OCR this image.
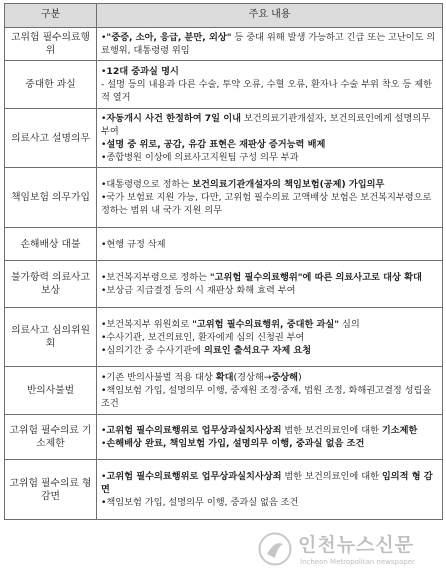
구분	주요 내용
고위험 필수의료행위	•"중증, 소아, 응급, 분만, 외상" 등 중대 위해 발생 가능하고 긴급 또는 고난이도 의료행위, 대통령령 위임

중대한 과실	•12대 중과실 명시
- 설명 등의 내용과 다른 수술, 투약 오류, 수혈 오류, 환자나 수술 부위 착오 등 제한적 열거

의료사고 설명의무	•자동개시 사건 한정하여 7일 이내 보건의료기관개설자, 보건의료인에게 설명의무 부여
•설명 중 위로, 공감, 유감 표현은 재판상 증거능력 배제
•종합병원 이상에 의료사고지원팀 구성 의무 부과

책임보험 의무가입	•대통령령으로 정하는 보건의료기관개설자의 책임보험(공제) 가입의무
•국가 보험료 지원 가능, 다만, 고위험 필수의료 고액배상 보험은 보건복지부령으로 정하는 범위 내 국가 지원 의무

손해배상 대불	•현행 규정 삭제

불가항력 의료사고 보상	•보건복지부령으로 정하는 "고위험 필수의료행위"에 따른 의료사고로 대상 확대
•보상금 지급결정 등의 시 재판상 화해 효력 부여

의료사고 심의위원회	•보건복지부 위원회로 "고위험 필수의료행위, 중대한 과실" 심의
•수사기관, 보건의료인, 환자에게 심의 신청권 부여
•심의기간 중 수사기관에 의료인 출석요구 자제 요청

반의사불벌	•기존 반의사불벌 적용 대상 확대(경상해→중상해)
•책임보험 가입, 설명의무 이행, 중재원 조정·중재, 법원 조정, 화해권고결정 성립을 조건

고위험 필수의료 기소제한	•고위험 필수의료행위로 업무상과실치사상죄 범한 보건의료인에 대한 기소제한
•손해배상 완료, 책임보험 가입, 설명의무 이행, 중과실 없음 조건

고위험 필수의료 형 감면	•고위험 필수의료행위로 업무상과실치사상죄 범한 보건의료인에 대한 임의적 형 감면
•책임보험 가입, 설명의무 이행, 중과실 없음 조건
인천뉴스신문
Incheon Metropolitan newspaper
